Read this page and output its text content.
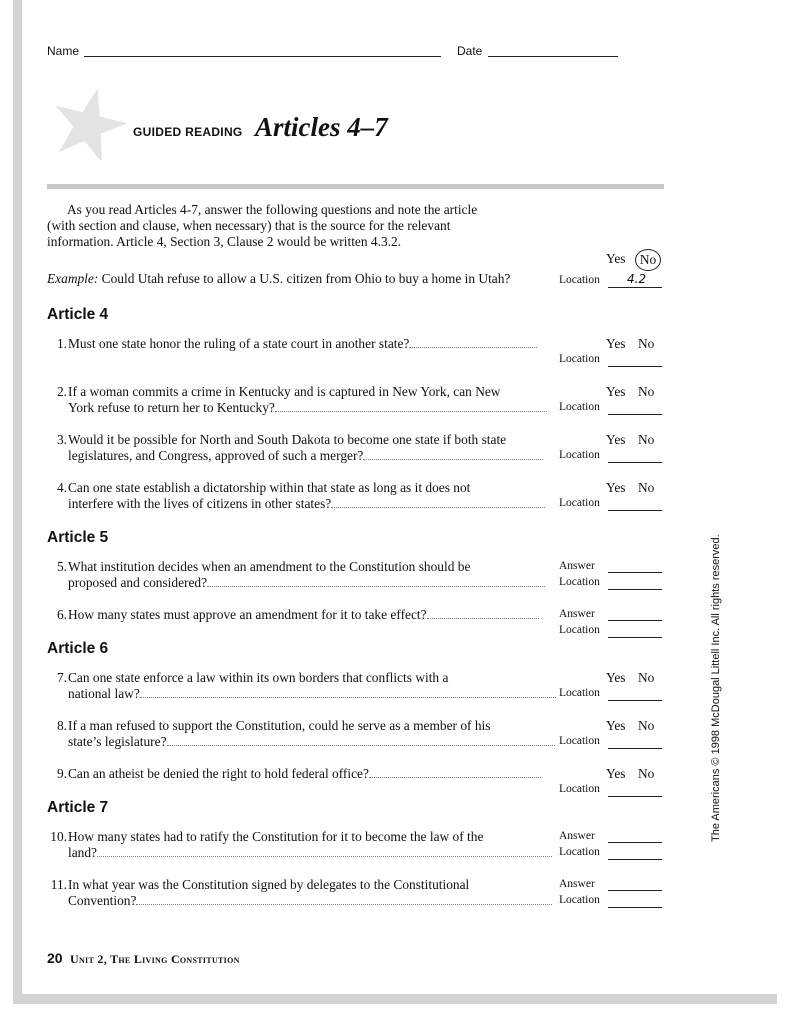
Name	Date
GUIDED READING Articles 4–7
As you read Articles 4-7, answer the following questions and note the article (with section and clause, when necessary) that is the source for the relevant information. Article 4, Section 3, Clause 2 would be written 4.3.2.
Yes	No
Example: Could Utah refuse to allow a U.S. citizen from Ohio to buy a home in Utah?	Location 4.2
Article 4
1.Must one state honor the ruling of a state court in another state?	Yes No
Location
2.If a woman commits a crime in Kentucky and is captured in New York, can New
York refuse to return her to Kentucky?
Yes No
Location
3.Would it be possible for North and South Dakota to become one state if both state
legislatures, and Congress, approved of such a merger?
Yes No
Location
4.Can one state establish a dictatorship within that state as long as it does not
interfere with the lives of citizens in other states?
Yes No
Location
Article 5
5.What institution decides when an amendment to the Constitution should be
proposed and considered?
Answer
Location
6.How many states must approve an amendment for it to take effect?	Answer
Location
Article 6
7.Can one state enforce a law within its own borders that conflicts with a
national law?
Yes No
Location
8.If a man refused to support the Constitution, could he serve as a member of his
state’s legislature?
Yes No
Location
9.Can an atheist be denied the right to hold federal office?	Yes No
Location
Article 7
10.How many states had to ratify the Constitution for it to become the law of the
land?
Answer
Location
11.In what year was the Constitution signed by delegates to the Constitutional
Convention?
Answer
Location
The Americans © 1998 McDougal Littell Inc. All rights reserved.
20 Unit 2, The Living Constitution
